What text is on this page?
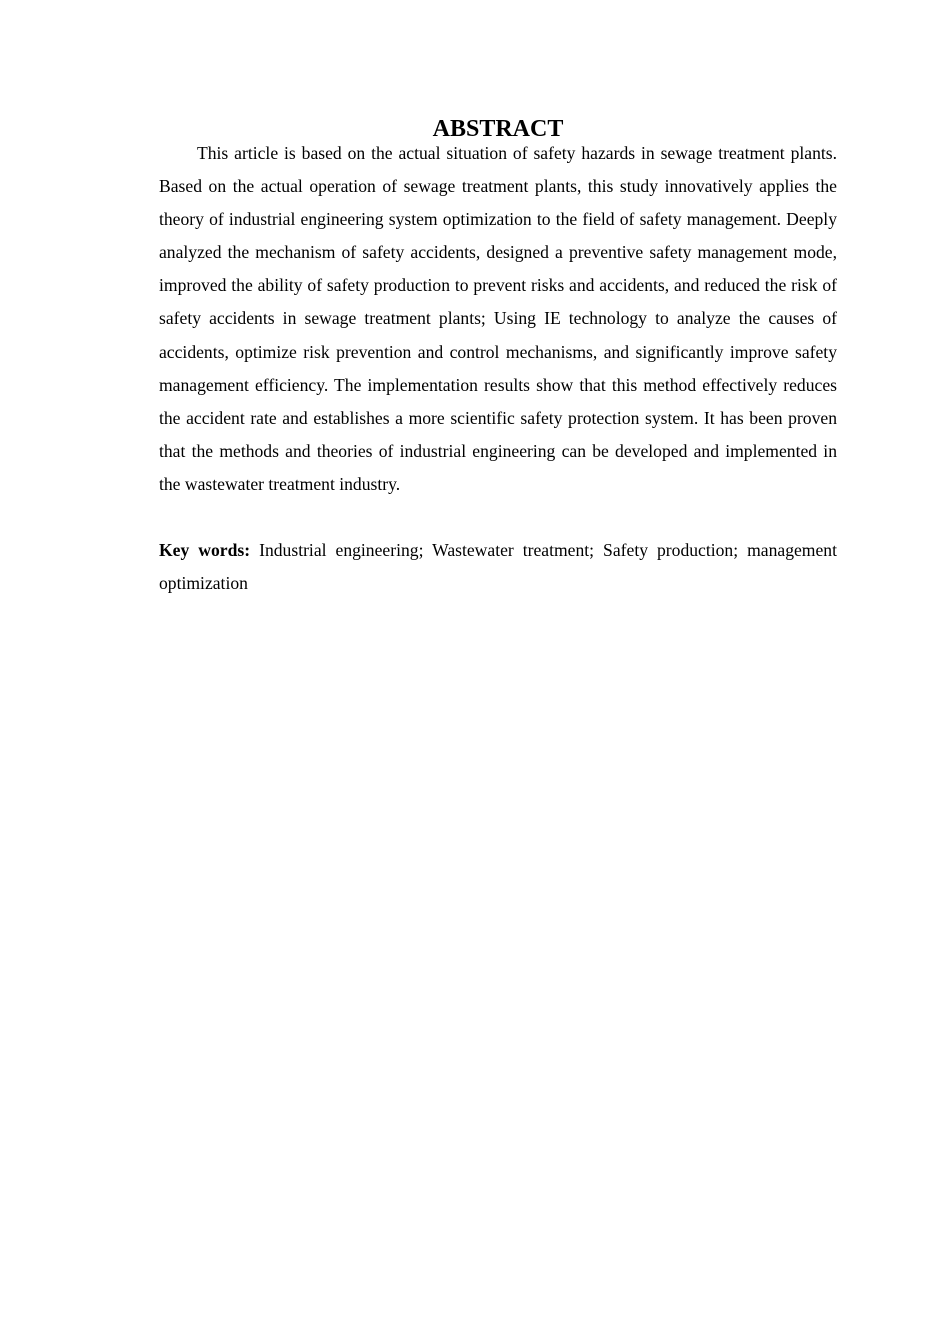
ABSTRACT

This article is based on the actual situation of safety hazards in sewage treatment plants. Based on the actual operation of sewage treatment plants, this study innovatively applies the theory of industrial engineering system optimization to the field of safety management. Deeply analyzed the mechanism of safety accidents, designed a preventive safety management mode, improved the ability of safety production to prevent risks and accidents, and reduced the risk of safety accidents in sewage treatment plants; Using IE technology to analyze the causes of accidents, optimize risk prevention and control mechanisms, and significantly improve safety management efficiency. The implementation results show that this method effectively reduces the accident rate and establishes a more scientific safety protection system. It has been proven that the methods and theories of industrial engineering can be developed and implemented in the wastewater treatment industry.

Key words: Industrial engineering; Wastewater treatment; Safety production; management optimization
